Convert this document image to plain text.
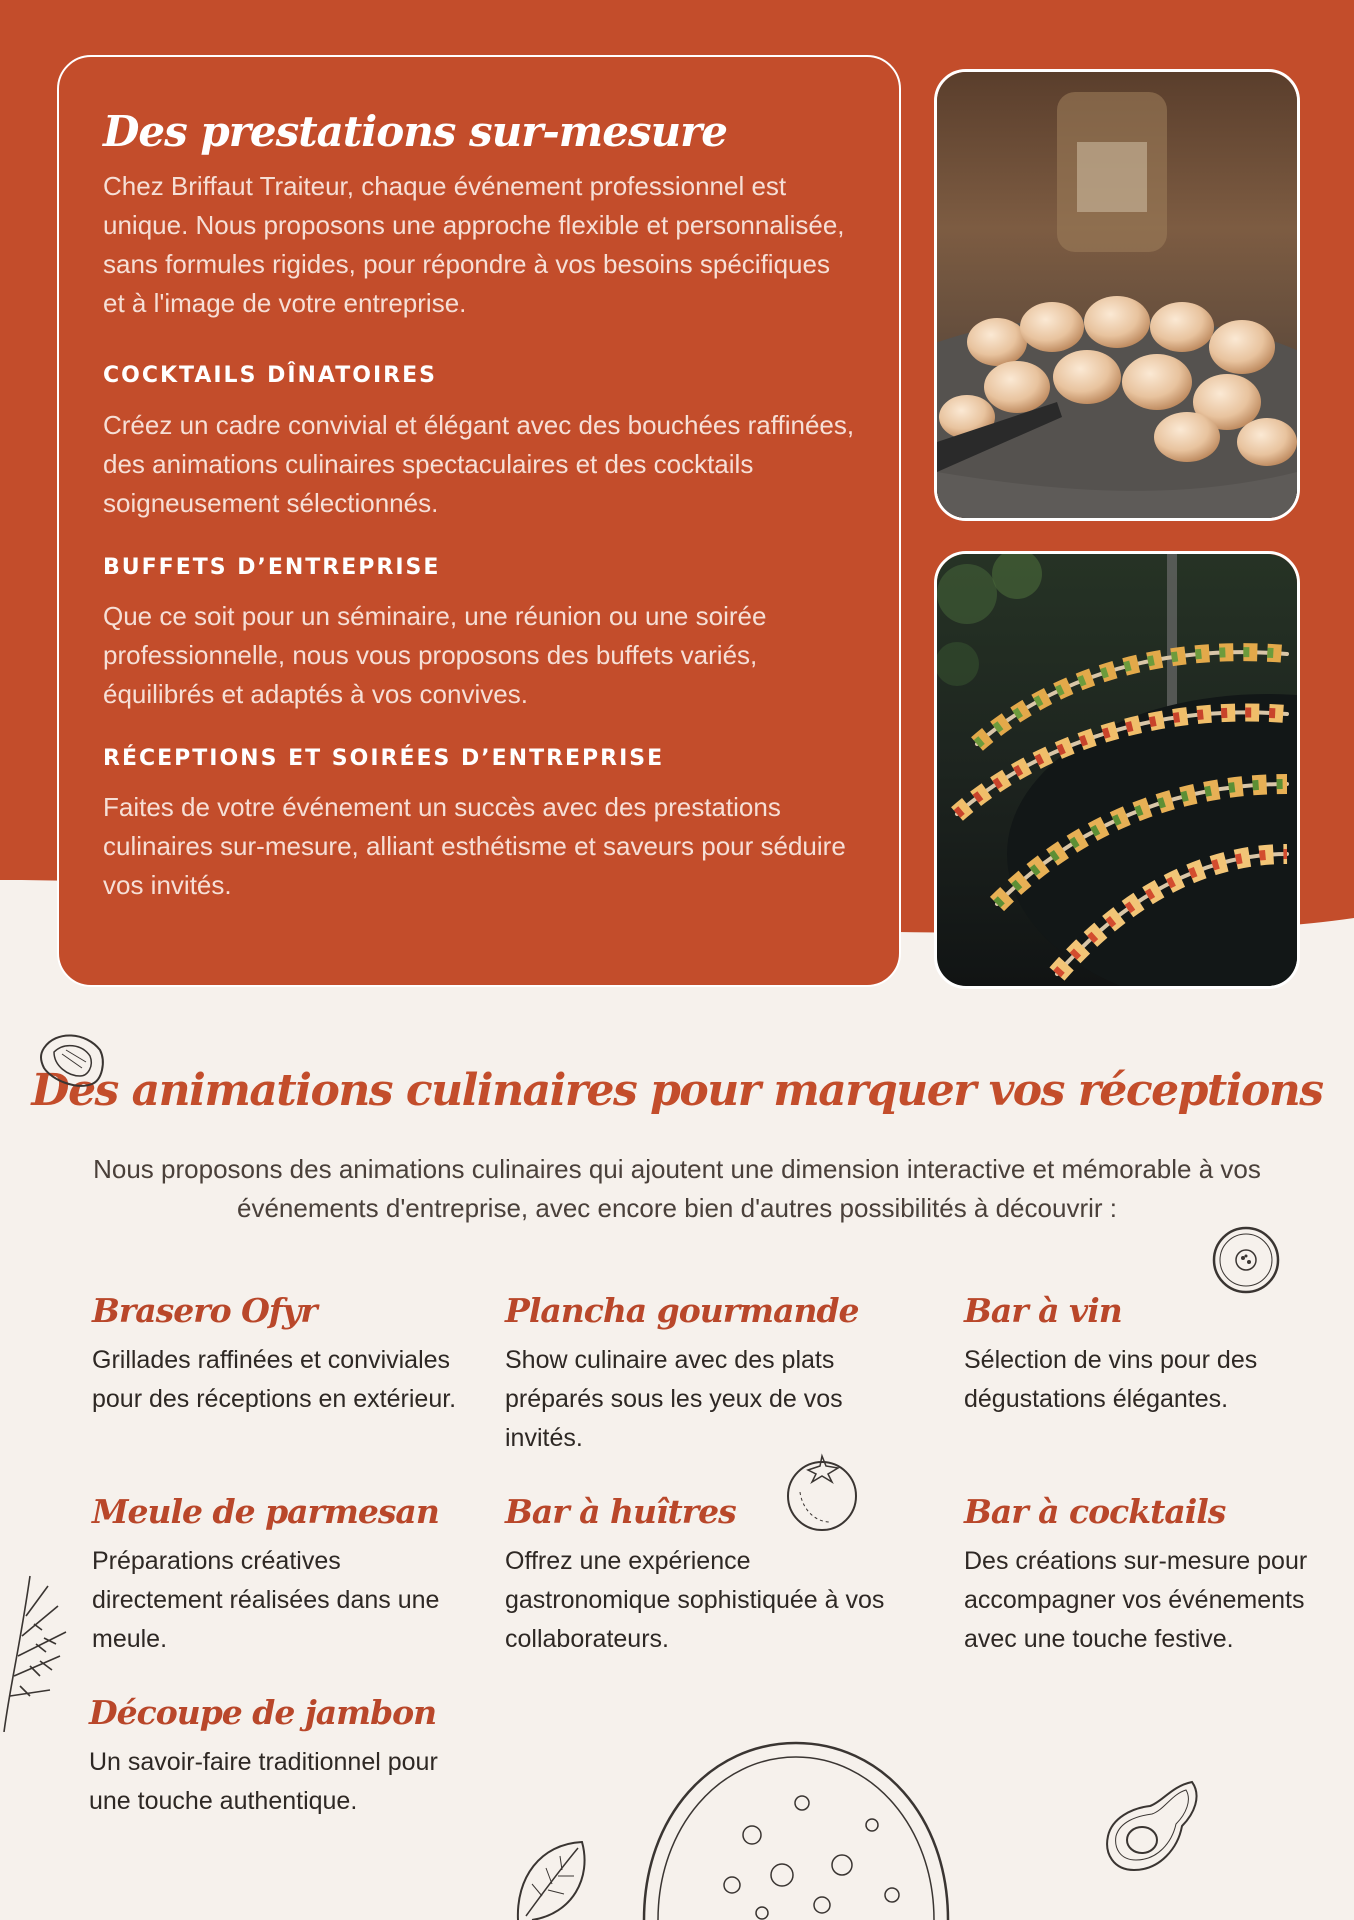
Des prestations sur-mesure

Chez Briffaut Traiteur, chaque événement professionnel est unique. Nous proposons une approche flexible et personnalisée, sans formules rigides, pour répondre à vos besoins spécifiques et à l'image de votre entreprise.

COCKTAILS DÎNATOIRES

Créez un cadre convivial et élégant avec des bouchées raffinées, des animations culinaires spectaculaires et des cocktails soigneusement sélectionnés.

BUFFETS D’ENTREPRISE

Que ce soit pour un séminaire, une réunion ou une soirée professionnelle, nous vous proposons des buffets variés, équilibrés et adaptés à vos convives.

RÉCEPTIONS ET SOIRÉES D’ENTREPRISE

Faites de votre événement un succès avec des prestations culinaires sur-mesure, alliant esthétisme et saveurs pour séduire vos invités.

Des animations culinaires pour marquer vos réceptions

Nous proposons des animations culinaires qui ajoutent une dimension interactive et mémorable à vos événements d'entreprise, avec encore bien d'autres possibilités à découvrir :

Brasero Ofyr

Grillades raffinées et conviviales pour des réceptions en extérieur.

Plancha gourmande

Show culinaire avec des plats préparés sous les yeux de vos invités.

Bar à vin

Sélection de vins pour des dégustations élégantes.

Meule de parmesan

Préparations créatives directement réalisées dans une meule.

Bar à huîtres

Offrez une expérience gastronomique sophistiquée à vos collaborateurs.

Bar à cocktails

Des créations sur-mesure pour accompagner vos événements avec une touche festive.

Découpe de jambon

Un savoir-faire traditionnel pour une touche authentique.
